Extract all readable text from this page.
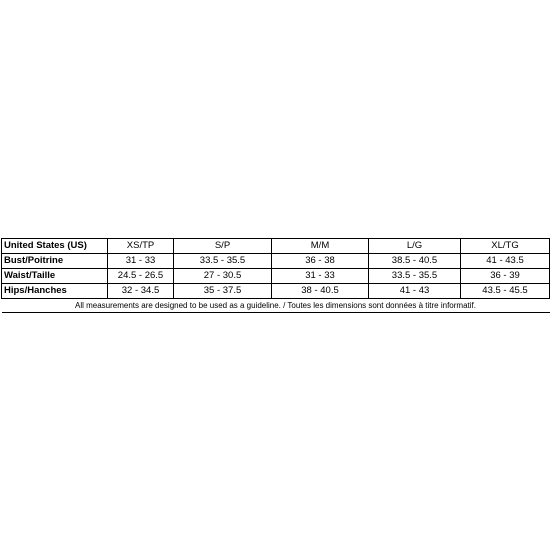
United States (US)	XS/TP	S/P	M/M	L/G	XL/TG
Bust/Poitrine	31 - 33	33.5 - 35.5	36 - 38	38.5 - 40.5	41 - 43.5
Waist/Taille	24.5 - 26.5	27 - 30.5	31 - 33	33.5 - 35.5	36 - 39
Hips/Hanches	32 - 34.5	35 - 37.5	38 - 40.5	41 - 43	43.5 - 45.5
All measurements are designed to be used as a guideline. / Toutes les dimensions sont données à titre informatif.					
